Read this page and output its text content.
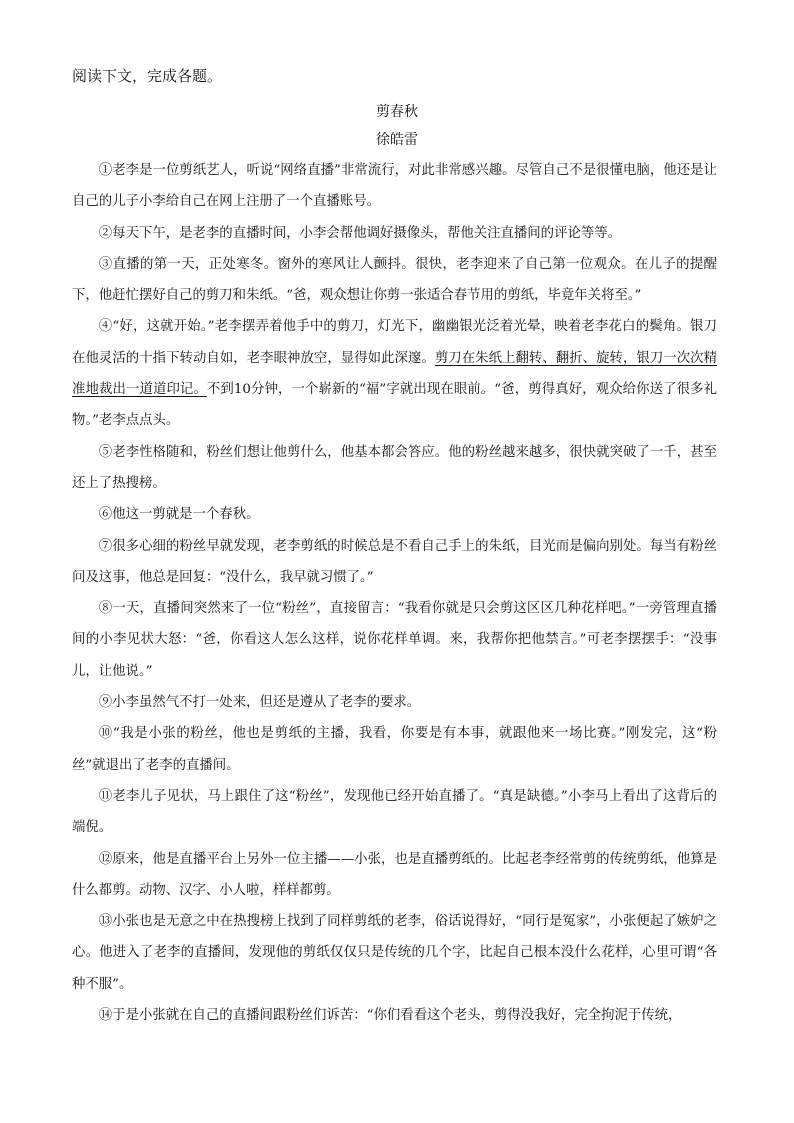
阅读下文，完成各题。
剪春秋
徐皓雷

①老李是一位剪纸艺人，听说“网络直播”非常流行，对此非常感兴趣。尽管自己不是很懂电脑，他还是让自己的儿子小李给自己在网上注册了一个直播账号。

②每天下午，是老李的直播时间，小李会帮他调好摄像头，帮他关注直播间的评论等等。

③直播的第一天，正处寒冬。窗外的寒风让人颤抖。很快，老李迎来了自己第一位观众。在儿子的提醒下，他赶忙摆好自己的剪刀和朱纸。“爸，观众想让你剪一张适合春节用的剪纸，毕竟年关将至。”

④“好，这就开始。”老李摆弄着他手中的剪刀，灯光下，幽幽银光泛着光晕，映着老李花白的鬓角。银刀在他灵活的十指下转动自如，老李眼神放空，显得如此深邃。剪刀在朱纸上翻转、翻折、旋转，银刀一次次精准地裁出一道道印记。不到10分钟，一个崭新的“福”字就出现在眼前。“爸，剪得真好，观众给你送了很多礼物。”老李点点头。

⑤老李性格随和，粉丝们想让他剪什么，他基本都会答应。他的粉丝越来越多，很快就突破了一千，甚至还上了热搜榜。

⑥他这一剪就是一个春秋。

⑦很多心细的粉丝早就发现，老李剪纸的时候总是不看自己手上的朱纸，目光而是偏向别处。每当有粉丝问及这事，他总是回复：“没什么，我早就习惯了。”

⑧一天，直播间突然来了一位“粉丝”，直接留言：“我看你就是只会剪这区区几种花样吧。”一旁管理直播间的小李见状大怒：“爸，你看这人怎么这样，说你花样单调。来，我帮你把他禁言。”可老李摆摆手：“没事儿，让他说。”

⑨小李虽然气不打一处来，但还是遵从了老李的要求。

⑩“我是小张的粉丝，他也是剪纸的主播，我看，你要是有本事，就跟他来一场比赛。”刚发完，这“粉丝”就退出了老李的直播间。

⑪老李儿子见状，马上跟住了这“粉丝”，发现他已经开始直播了。“真是缺德。”小李马上看出了这背后的端倪。

⑫原来，他是直播平台上另外一位主播——小张，也是直播剪纸的。比起老李经常剪的传统剪纸，他算是什么都剪。动物、汉字、小人啦，样样都剪。

⑬小张也是无意之中在热搜榜上找到了同样剪纸的老李，俗话说得好，“同行是冤家”，小张便起了嫉妒之心。他进入了老李的直播间，发现他的剪纸仅仅只是传统的几个字，比起自己根本没什么花样，心里可谓“各种不服”。

⑭于是小张就在自己的直播间跟粉丝们诉苦：“你们看看这个老头，剪得没我好，完全拘泥于传统，
